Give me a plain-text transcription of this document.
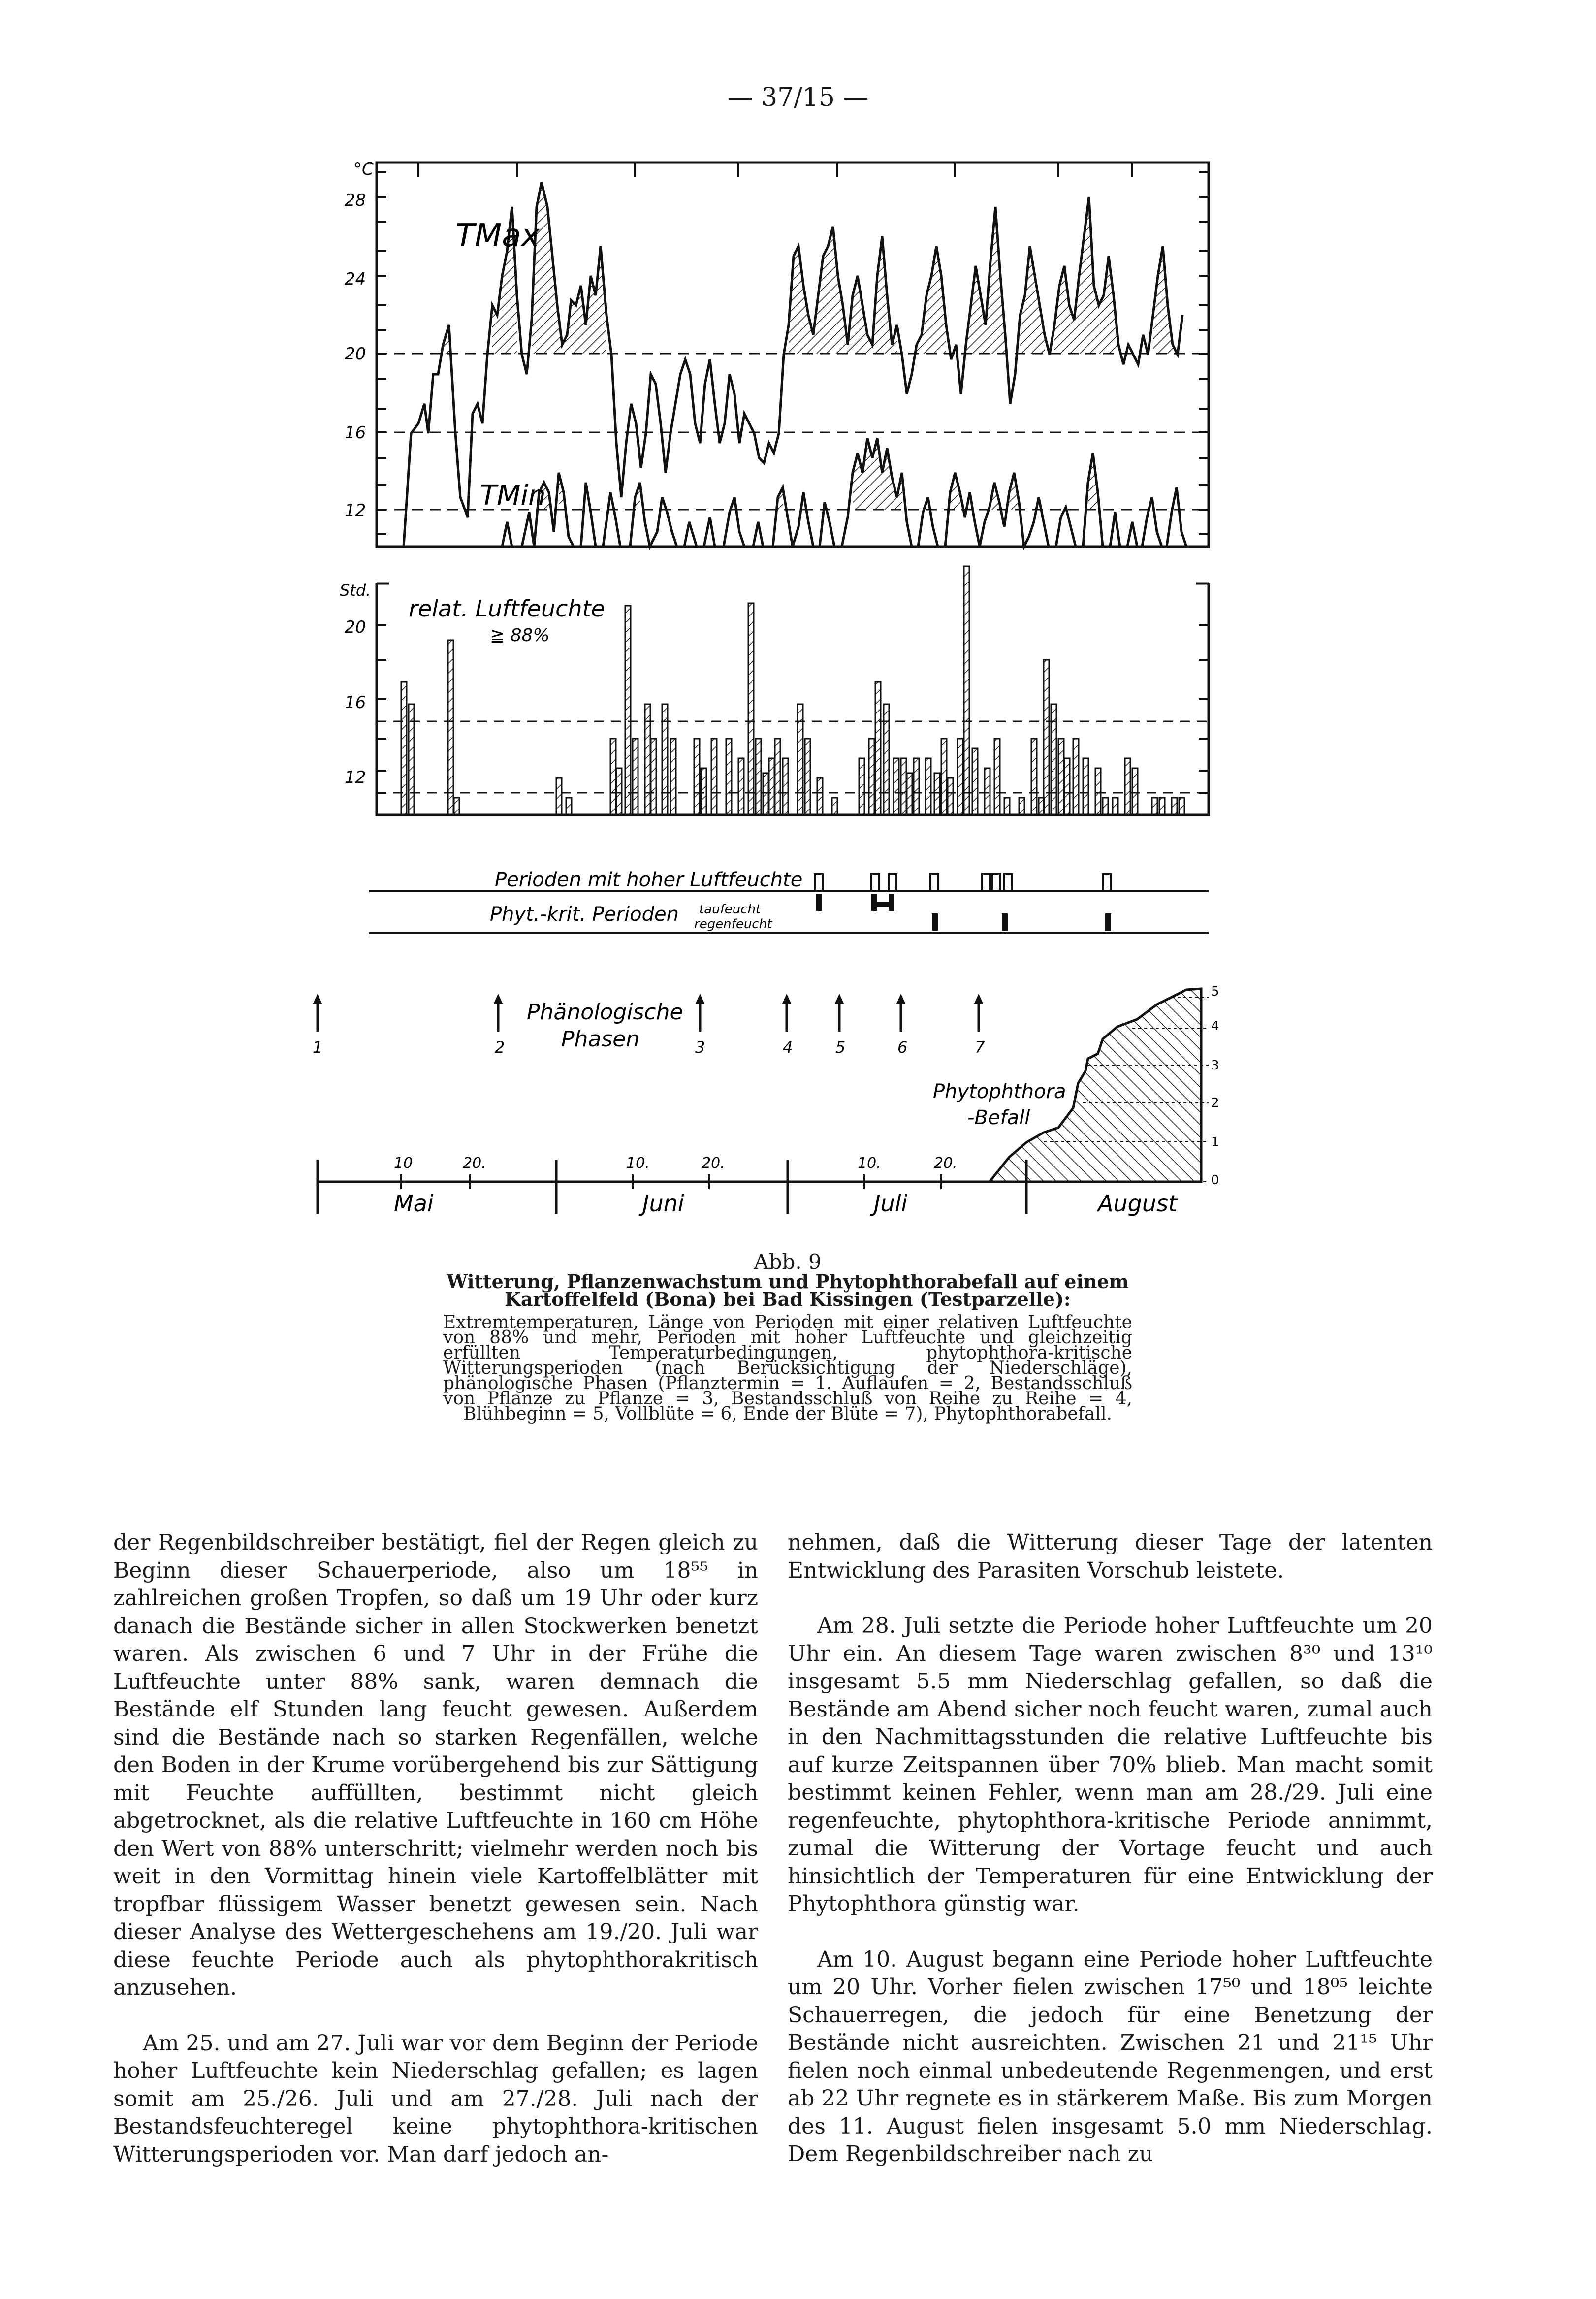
— 37/15 —
°C
28
24
20
16
12
TMax
TMin
Std.
20
16
12
relat. Luftfeuchte
≧ 88%
Perioden mit hoher Luftfeuchte
Phyt.-krit. Perioden taufeucht
regenfeucht
Phänologische
Phasen
1	2	3	4	5	6	7
Phytophthora
-Befall
5
4
3
2
1
0
10	20.	10.	20.	10.	20.
Mai	Juni	Juli	August
Abb. 9
Witterung, Pflanzenwachstum und Phytophthorabefall auf einem Kartoffelfeld (Bona) bei Bad Kissingen (Testparzelle):
Extremtemperaturen, Länge von Perioden mit einer relativen Luftfeuchte von 88% und mehr, Perioden mit hoher Luftfeuchte und gleichzeitig erfüllten Temperaturbedingungen, phytophthora-kritische Witterungsperioden (nach Berücksichtigung der Niederschläge), phänologische Phasen (Pflanztermin = 1. Auflaufen = 2, Bestandsschluß von Pflanze zu Pflanze = 3, Bestandsschluß von Reihe zu Reihe = 4, Blühbeginn = 5, Vollblüte = 6, Ende der Blüte = 7), Phytophthorabefall.

der Regenbildschreiber bestätigt, fiel der Regen gleich zu Beginn dieser Schauerperiode, also um 18⁵⁵ in zahlreichen großen Tropfen, so daß um 19 Uhr oder kurz danach die Bestände sicher in allen Stockwerken benetzt waren. Als zwischen 6 und 7 Uhr in der Frühe die Luftfeuchte unter 88% sank, waren demnach die Bestände elf Stunden lang feucht gewesen. Außerdem sind die Bestände nach so starken Regenfällen, welche den Boden in der Krume vorübergehend bis zur Sättigung mit Feuchte auffüllten, bestimmt nicht gleich abgetrocknet, als die relative Luftfeuchte in 160 cm Höhe den Wert von 88% unterschritt; vielmehr werden noch bis weit in den Vormittag hinein viele Kartoffelblätter mit tropfbar flüssigem Wasser benetzt gewesen sein. Nach dieser Analyse des Wettergeschehens am 19./20. Juli war diese feuchte Periode auch als phytophthorakritisch anzusehen.

Am 25. und am 27. Juli war vor dem Beginn der Periode hoher Luftfeuchte kein Niederschlag gefallen; es lagen somit am 25./26. Juli und am 27./28. Juli nach der Bestandsfeuchteregel keine phytophthora-kritischen Witterungsperioden vor. Man darf jedoch an-

nehmen, daß die Witterung dieser Tage der latenten Entwicklung des Parasiten Vorschub leistete.

Am 28. Juli setzte die Periode hoher Luftfeuchte um 20 Uhr ein. An diesem Tage waren zwischen 8³⁰ und 13¹⁰ insgesamt 5.5 mm Niederschlag gefallen, so daß die Bestände am Abend sicher noch feucht waren, zumal auch in den Nachmittagsstunden die relative Luftfeuchte bis auf kurze Zeitspannen über 70% blieb. Man macht somit bestimmt keinen Fehler, wenn man am 28./29. Juli eine regenfeuchte, phytophthora-kritische Periode annimmt, zumal die Witterung der Vortage feucht und auch hinsichtlich der Temperaturen für eine Entwicklung der Phytophthora günstig war.

Am 10. August begann eine Periode hoher Luftfeuchte um 20 Uhr. Vorher fielen zwischen 17⁵⁰ und 18⁰⁵ leichte Schauerregen, die jedoch für eine Benetzung der Bestände nicht ausreichten. Zwischen 21 und 21¹⁵ Uhr fielen noch einmal unbedeutende Regenmengen, und erst ab 22 Uhr regnete es in stärkerem Maße. Bis zum Morgen des 11. August fielen insgesamt 5.0 mm Niederschlag. Dem Regenbildschreiber nach zu
